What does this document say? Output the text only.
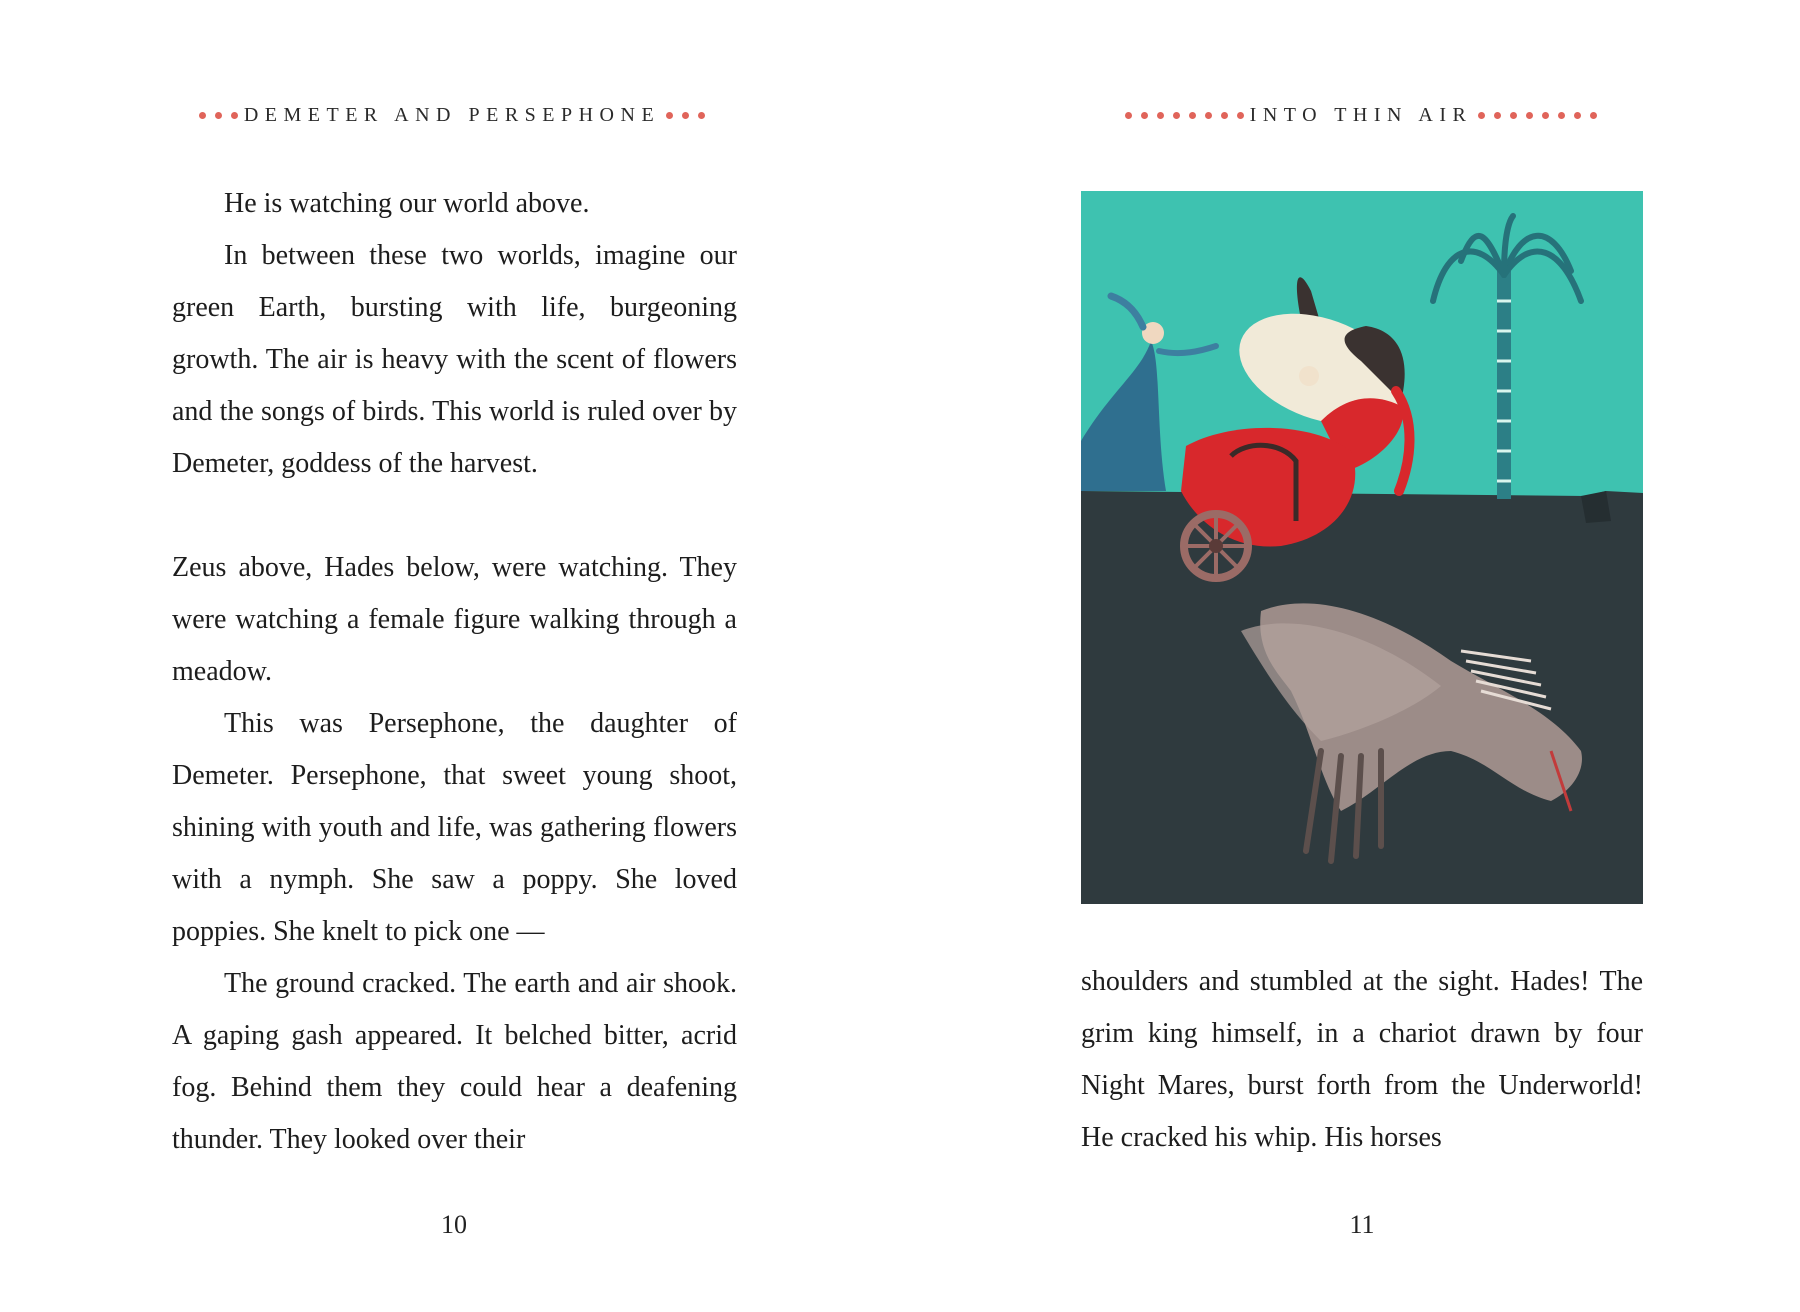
DEMETER AND PERSEPHONE

He is watching our world above.

In between these two worlds, imagine our green Earth, bursting with life, burgeoning growth. The air is heavy with the scent of flowers and the songs of birds. This world is ruled over by Demeter, goddess of the harvest.

Zeus above, Hades below, were watching. They were watching a female figure walking through a meadow.

This was Persephone, the daughter of Demeter. Persephone, that sweet young shoot, shining with youth and life, was gathering flowers with a nymph. She saw a poppy. She loved poppies. She knelt to pick one —

The ground cracked. The earth and air shook. A gaping gash appeared. It belched bitter, acrid fog. Behind them they could hear a deafening thunder. They looked over their

10
INTO THIN AIR

shoulders and stumbled at the sight. Hades! The grim king himself, in a chariot drawn by four Night Mares, burst forth from the Underworld! He cracked his whip. His horses

11
